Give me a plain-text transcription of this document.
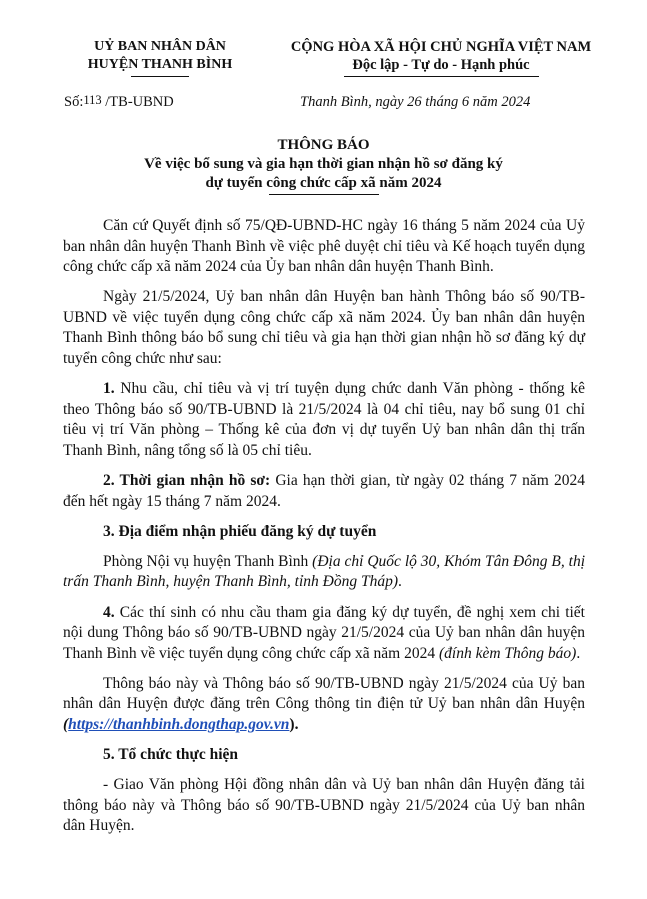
UỶ BAN NHÂN DÂN
HUYỆN THANH BÌNH
CỘNG HÒA XÃ HỘI CHỦ NGHĨA VIỆT NAM
Độc lập - Tự do - Hạnh phúc
Số:113 /TB-UBND	Thanh Bình, ngày 26 tháng 6 năm 2024
THÔNG BÁO
Về việc bổ sung và gia hạn thời gian nhận hồ sơ đăng ký
dự tuyển công chức cấp xã năm 2024

Căn cứ Quyết định số 75/QĐ-UBND-HC ngày 16 tháng 5 năm 2024 của Uỷ ban nhân dân huyện Thanh Bình về việc phê duyệt chỉ tiêu và Kế hoạch tuyển dụng công chức cấp xã năm 2024 của Ủy ban nhân dân huyện Thanh Bình.

Ngày 21/5/2024, Uỷ ban nhân dân Huyện ban hành Thông báo số 90/TB-UBND về việc tuyển dụng công chức cấp xã năm 2024. Ủy ban nhân dân huyện Thanh Bình thông báo bổ sung chỉ tiêu và gia hạn thời gian nhận hồ sơ đăng ký dự tuyển công chức như sau:

1. Nhu cầu, chỉ tiêu và vị trí tuyện dụng chức danh Văn phòng - thống kê theo Thông báo số 90/TB-UBND là 21/5/2024 là 04 chỉ tiêu, nay bổ sung 01 chỉ tiêu vị trí Văn phòng – Thống kê của đơn vị dự tuyển Uỷ ban nhân dân thị trấn Thanh Bình, nâng tổng số là 05 chỉ tiêu.

2. Thời gian nhận hồ sơ: Gia hạn thời gian, từ ngày 02 tháng 7 năm 2024 đến hết ngày 15 tháng 7 năm 2024.

3. Địa điểm nhận phiếu đăng ký dự tuyển

Phòng Nội vụ huyện Thanh Bình (Địa chỉ Quốc lộ 30, Khóm Tân Đông B, thị trấn Thanh Bình, huyện Thanh Bình, tỉnh Đồng Tháp).

4. Các thí sinh có nhu cầu tham gia đăng ký dự tuyển, đề nghị xem chi tiết nội dung Thông báo số 90/TB-UBND ngày 21/5/2024 của Uỷ ban nhân dân huyện Thanh Bình về việc tuyển dụng công chức cấp xã năm 2024 (đính kèm Thông báo).

Thông báo này và Thông báo số 90/TB-UBND ngày 21/5/2024 của Uỷ ban nhân dân Huyện được đăng trên Công thông tin điện tử Uỷ ban nhân dân Huyện (https://thanhbinh.dongthap.gov.vn).

5. Tổ chức thực hiện

- Giao Văn phòng Hội đồng nhân dân và Uỷ ban nhân dân Huyện đăng tải thông báo này và Thông báo số 90/TB-UBND ngày 21/5/2024 của Uỷ ban nhân dân Huyện.
